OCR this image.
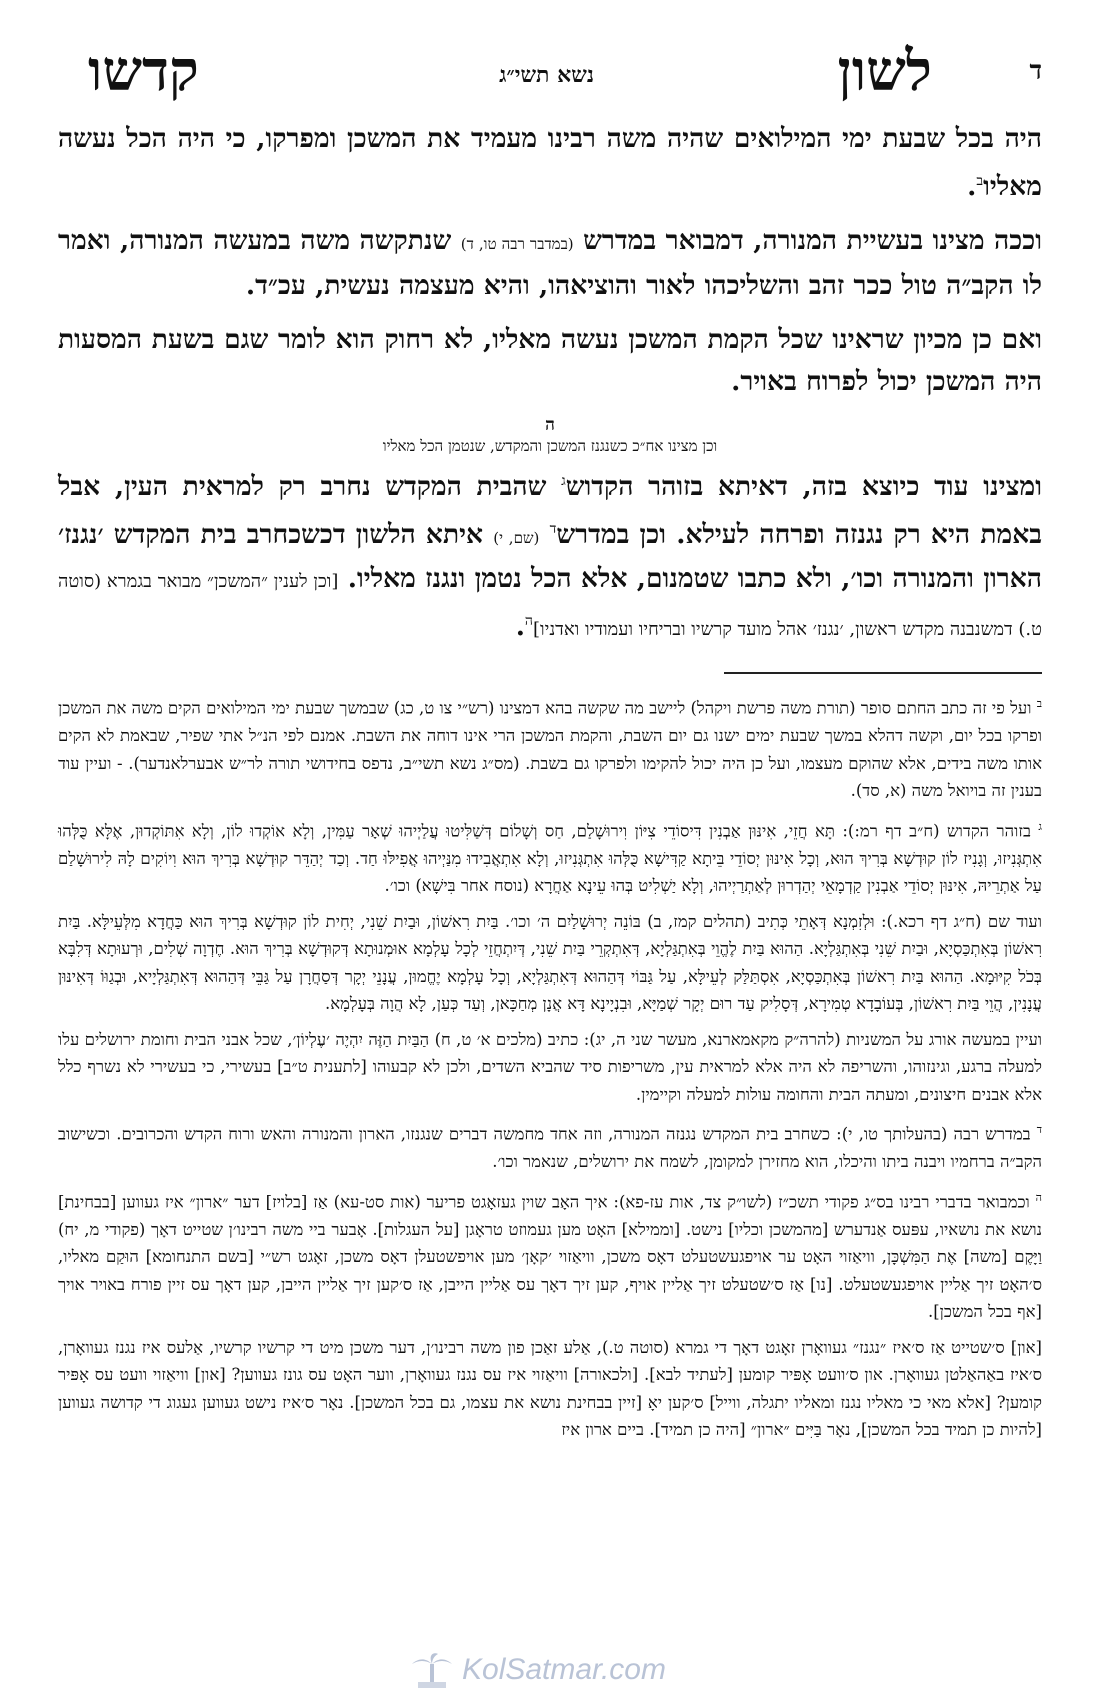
ד
לשון
נשא תשי״ג
קדשו

היה בכל שבעת ימי המילואים שהיה משה רבינו מעמיד את המשכן ומפרקו, כי היה הכל נעשה מאליו$^ב$.

וככה מצינו בעשיית המנורה, דמבואר במדרש (במדבר רבה טו, ד) שנתקשה משה במעשה המנורה, ואמר לו הקב״ה טול ככר זהב והשליכהו לאור והוציאהו, והיא מעצמה נעשית, עכ״ד.

ואם כן מכיון שראינו שכל הקמת המשכן נעשה מאליו, לא רחוק הוא לומר שגם בשעת המסעות היה המשכן יכול לפרוח באויר.

ה
וכן מצינו אח״כ כשנגנז המשכן והמקדש, שנטמן הכל מאליו

ומצינו עוד כיוצא בזה, דאיתא בזוהר הקדוש$^ג$ שהבית המקדש נחרב רק למראית העין, אבל באמת היא רק נגנזה ופרחה לעילא. וכן במדרש$^ד$ (שם, י) איתא הלשון דכשכחרב בית המקדש ׳נגנז׳ הארון והמנורה וכו׳, ולא כתבו שטמנום, אלא הכל נטמן ונגנז מאליו. [וכן לענין ״המשכן״ מבואר בגמרא (סוטה ט.) דמשנבנה מקדש ראשון, ׳נגנז׳ אהל מועד קרשיו ובריחיו ועמודיו ואדניו]$^ה$.

$^ב$ ועל פי זה כתב החתם סופר (תורת משה פרשת ויקהל) ליישב מה שקשה בהא דמצינו (רש״י צו ט, כג) שבמשך שבעת ימי המילואים הקים משה את המשכן ופרקו בכל יום, וקשה דהלא במשך שבעת ימים ישנו גם יום השבת, והקמת המשכן הרי אינו דוחה את השבת. אמנם לפי הנ״ל אתי שפיר, שבאמת לא הקים אותו משה בידים, אלא שהוקם מעצמו, ועל כן היה יכול להקימו ולפרקו גם בשבת. (מס״ג נשא תשי״ב, נדפס בחידושי תורה לר״ש אבערלאנדער). - ועיין עוד בענין זה בויואל משה (א, סד).

$^ג$ בזוהר הקדוש (ח״ב דף רמ:): תָּא חֲזֵי, אִינּוּן אַבְנִין דִּיסוֹדֵי צִיּוֹן וִירוּשָׁלַם, חַס וְשָׁלוֹם דְּשַׁלִּיטוּ עֲלַיְיהוּ שְׁאָר עַמִּין, וְלָא אוֹקְדוּ לוֹן, וְלָא אִתּוֹקְדוּן, אֶלָּא כֻּלְּהוּ אִתְגְּנִיזוּ, וְגָנִיז לוֹן קוּדְשָׁא בְּרִיךְ הוּא, וְכָל אִינּוּן יְסוֹדֵי בֵּיתָא קַדִּישָׁא כֻּלְּהוּ אִתְגְּנִיזוּ, וְלָא אִתְאֲבִידוּ מִנַּיְיהוּ אֲפִילּוּ חַד. וְכַד יְהַדֵּר קוּדְשָׁא בְּרִיךְ הוּא וִיוֹקִים לָהּ לִירוּשָׁלַם עַל אַתְרֵיהּ, אִינּוּן יְסוֹדֵי אַבְנִין קַדְמָאֵי יְהַדְרוּן לְאַתְרַיְיהוּ, וְלָא יַשְׁלִיט בְּהוּ עֵינָא אַחֲרָא (נוסח אחר בִּישָׁא) וכו׳.

ועוד שם (ח״ג דף רכא.): וּלְזִמְנָא דְּאָתֵי כְּתִיב (תהלים קמז, ב) בּוֹנֵה יְרוּשָׁלַיִם ה׳ וכו׳. בַּיִת רִאשׁוֹן, וּבַיִת שֵׁנִי, יְחִית לוֹן קוּדְשָׁא בְּרִיךְ הוּא כַּחֲדָא מִלְּעֵילָּא. בַּיִת רִאשׁוֹן בְּאִתְכַּסְיָא, וּבַיִת שֵׁנִי בְּאִתְגַּלְיָא. הַהוּא בַּיִת לֶהֱוֵי בְּאִתְגַּלְיָא, דְּאִתְקְרֵי בַּיִת שֵׁנִי, דְּיִתְחֲזֵי לְכָל עָלְמָא אוּמְנוּתָא דְּקוּדְשָׁא בְּרִיךְ הוּא. חֶדְוָה שְׁלִים, וּרְעוּתָא דְּלִבָּא בְּכֹל קִיּוּמָא. הַהוּא בַּיִת רִאשׁוֹן בְּאִתְכַּסְיָא, אִסְתַּלַּק לְעֵילָּא, עַל גַּבּוֹי דְּהַהוּא דְּאִתְגַּלְיָא, וְכָל עָלְמָא יֶחֱמוּן, עֲנָנֵי יְקָר דְּסַחֲרָן עַל גַּבֵּי דְּהַהוּא דְּאִתְגַּלְיָיא, וּבְגַוּוֹ דְּאִינּוּן עֲנָנִין, הֲוֵי בַּיִת רִאשׁוֹן, בְּעוֹבָדָא טְמִירָא, דְּסָלִיק עַד רוּם יְקָר שְׁמַיָּא, וּבִנְיָינָא דָּא אֲנָן מְחַכָּאן, וְעַד כְּעַן, לָא הֲוָה בְּעָלְמָא.

ועיין במעשה אורג על המשניות (להרה״ק מקאמארנא, מעשר שני ה, יג): כתיב (מלכים א׳ ט, ח) הַבַּיִת הַזֶּה יִהְיֶה ׳עֶלְיוֹן׳, שכל אבני הבית וחומת ירושלים עלו למעלה ברגע, וגינזוהו, והשריפה לא היה אלא למראית עין, משריפות סיד שהביא השדים, ולכן לא קבעוהו [לתענית ט״ב] בעשירי, כי בעשירי לא נשרף כלל אלא אבנים חיצונים, ומעתה הבית והחומה עולות למעלה וקיימין.

$^ד$ במדרש רבה (בהעלותך טו, י): כשחרב בית המקדש נגנזה המנורה, וזה אחד מחמשה דברים שנגנזו, הארון והמנורה והאש ורוח הקדש והכרובים. וכשישוב הקב״ה ברחמיו ויבנה ביתו והיכלו, הוא מחזירן למקומן, לשמח את ירושלים, שנאמר וכו׳.

$^ה$ וכמבואר בדברי רבינו בס״ג פקודי תשכ״ז (לשו״ק צד, אות עז-פא): איך האָב שוין געזאָגט פריער (אות סט-עא) אַז [בלויז] דער ״ארון״ איז געווען [בבחינת] נושא את נושאיו, עפּעס אַנדערש [מהמשכן וכליו] נישט. [וממילא] האָט מען געמוזט טראָגן [על העגלות]. אָבער ביי משה רבינו׳ן שטייט דאָך (פקודי מ, יח) וַיָּקֶם [משה] אֶת הַמִּשְׁכָּן, וויאַזוי האָט ער אויפגעשטעלט דאָס משכן, וויאַזוי ׳קאָן׳ מען אויפשטעלן דאָס משכן, זאָגט רש״י [בשם התנחומא] הוּקַם מאליו, ס׳האָט זיך אַליין אויפגעשטעלט. [נו] אַז ס׳שטעלט זיך אַליין אויף, קען זיך דאָך עס אַליין הייבן, אַז ס׳קען זיך אַליין הייבן, קען דאָך עס זיין פורח באויר אויך [אף בכל המשכן].

[און] ס׳שטייט אַז ס׳איז ״נגנז״ געוואָרן זאָגט דאָך די גמרא (סוטה ט.), אַלע זאַכן פון משה רבינו׳ן, דער משכן מיט די קרשיו קרשיו, אַלעס איז נגנז געוואָרן, ס׳איז באַהאַלטן געוואָרן. און ס׳וועט אָפּיר קומען [לעתיד לבא]. [ולכאורה] וויאַזוי איז עס נגנז געוואָרן, ווער האָט עס גונז געווען? [און] וויאַזוי וועט עס אָפּיר קומען? [אלא מאי כי מאליו נגנז ומאליו יתגלה, ווייל] ס׳קען יאָ [זיין בבחינת נושא את עצמו, גם בכל המשכן]. נאָר ס׳איז נישט געווען געגוג די קדושה געווען [להיות כן תמיד בכל המשכן], נאָר בַּיִּים ״ארון״ [היה כן תמיד]. ביים ארון איז

KolSatmar.com
